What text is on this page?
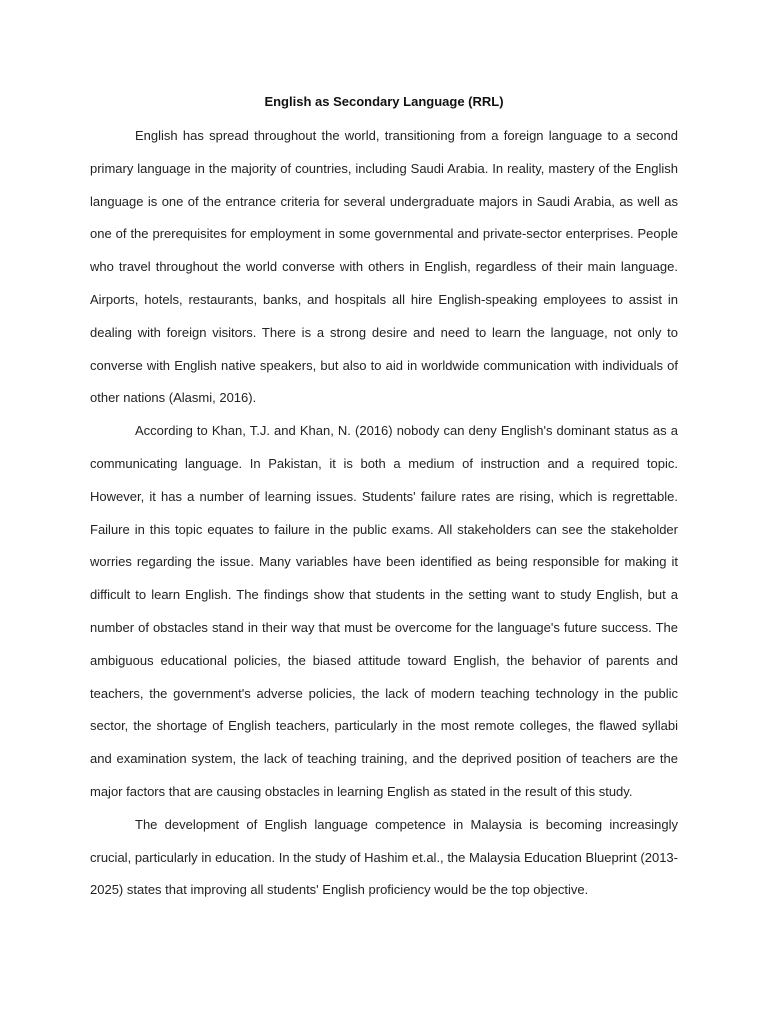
English as Secondary Language (RRL)

English has spread throughout the world, transitioning from a foreign language to a second primary language in the majority of countries, including Saudi Arabia. In reality, mastery of the English language is one of the entrance criteria for several undergraduate majors in Saudi Arabia, as well as one of the prerequisites for employment in some governmental and private-sector enterprises. People who travel throughout the world converse with others in English, regardless of their main language. Airports, hotels, restaurants, banks, and hospitals all hire English-speaking employees to assist in dealing with foreign visitors. There is a strong desire and need to learn the language, not only to converse with English native speakers, but also to aid in worldwide communication with individuals of other nations (Alasmi, 2016).

According to Khan, T.J. and Khan, N. (2016) nobody can deny English's dominant status as a communicating language. In Pakistan, it is both a medium of instruction and a required topic. However, it has a number of learning issues. Students' failure rates are rising, which is regrettable. Failure in this topic equates to failure in the public exams. All stakeholders can see the stakeholder worries regarding the issue. Many variables have been identified as being responsible for making it difficult to learn English. The findings show that students in the setting want to study English, but a number of obstacles stand in their way that must be overcome for the language's future success. The ambiguous educational policies, the biased attitude toward English, the behavior of parents and teachers, the government's adverse policies, the lack of modern teaching technology in the public sector, the shortage of English teachers, particularly in the most remote colleges, the flawed syllabi and examination system, the lack of teaching training, and the deprived position of teachers are the major factors that are causing obstacles in learning English as stated in the result of this study.

The development of English language competence in Malaysia is becoming increasingly crucial, particularly in education. In the study of Hashim et.al., the Malaysia Education Blueprint (2013-2025) states that improving all students' English proficiency would be the top objective.
